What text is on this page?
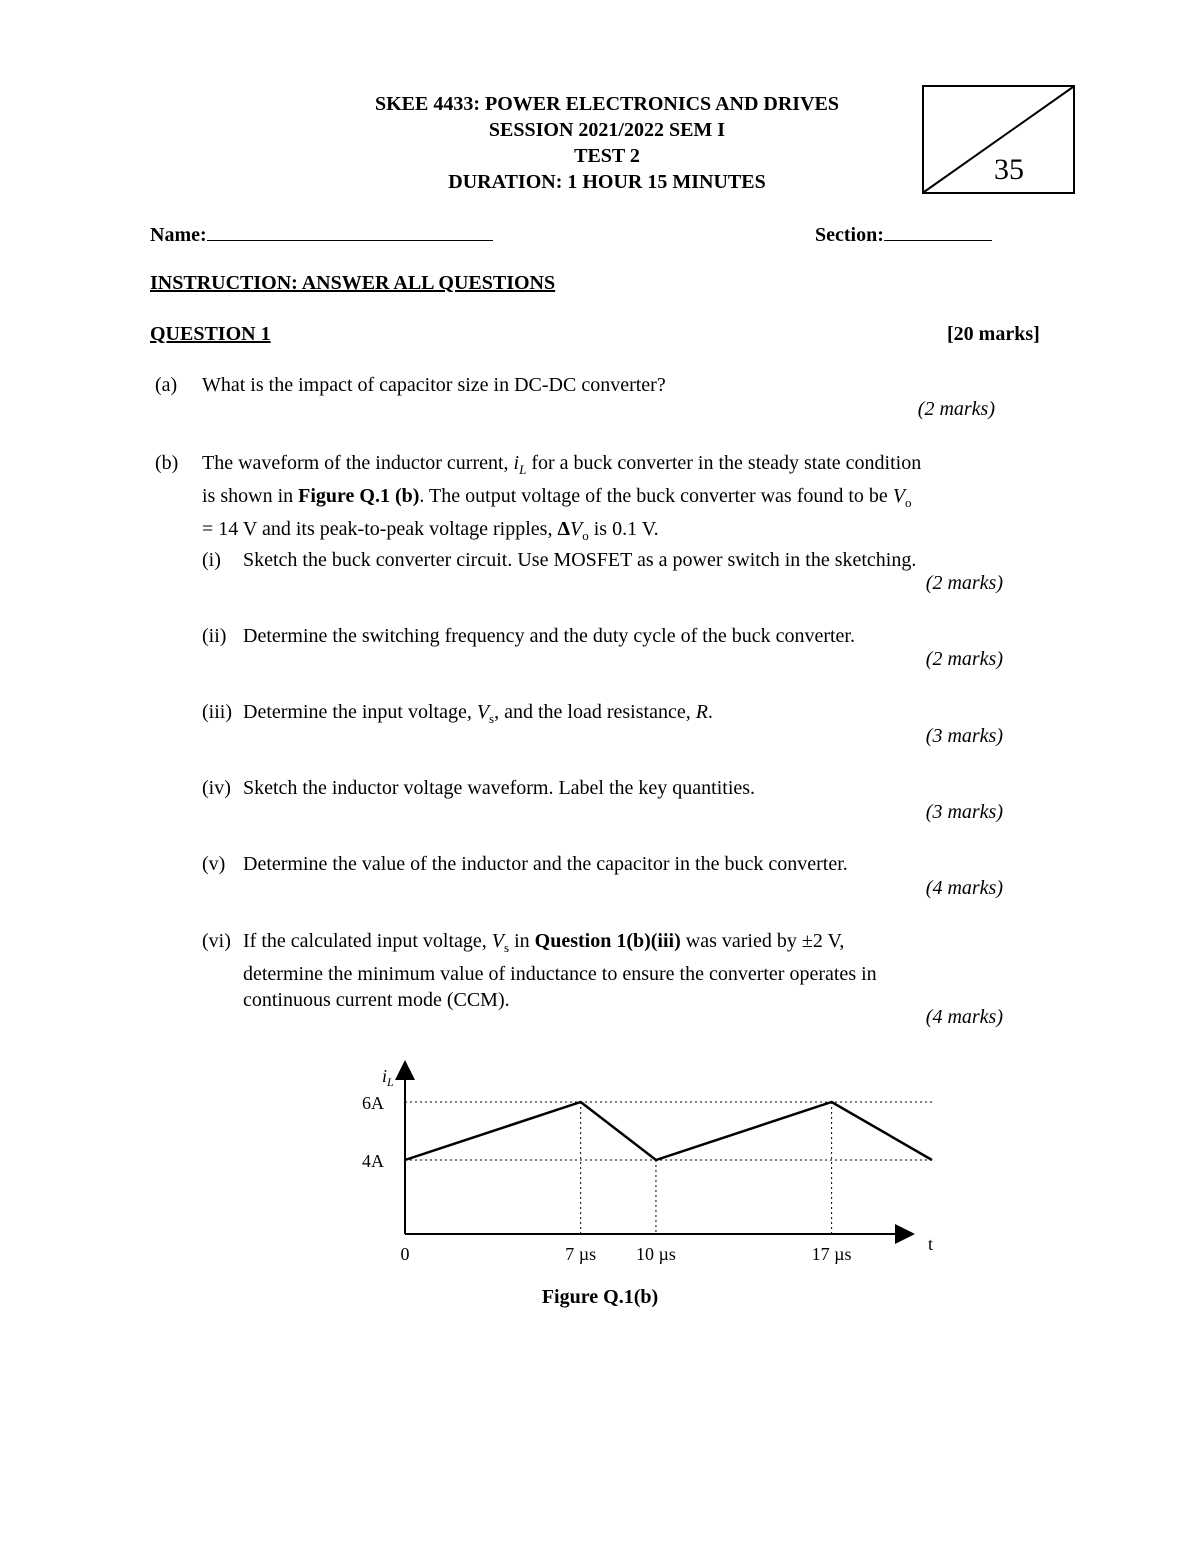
SKEE 4433: POWER ELECTRONICS AND DRIVES
SESSION 2021/2022 SEM I
TEST 2
DURATION: 1 HOUR 15 MINUTES	35
Name:	Section:
INSTRUCTION: ANSWER ALL QUESTIONS
QUESTION 1	[20 marks]
(a) What is the impact of capacitor size in DC-DC converter?
(2 marks)
(b) The waveform of the inductor current, $i_L$ for a buck converter in the steady state condition
is shown in Figure Q.1 (b). The output voltage of the buck converter was found to be $V_o$
= 14 V and its peak-to-peak voltage ripples, $\Delta V_o$ is 0.1 V.
(i) Sketch the buck converter circuit. Use MOSFET as a power switch in the sketching.
(2 marks)
(ii) Determine the switching frequency and the duty cycle of the buck converter.
(2 marks)
(iii) Determine the input voltage, $V_s$, and the load resistance, R.
(3 marks)
(iv) Sketch the inductor voltage waveform. Label the key quantities.
(3 marks)
(v) Determine the value of the inductor and the capacitor in the buck converter.
(4 marks)
(vi) If the calculated input voltage, $V_s$ in Question 1(b)(iii) was varied by ±2 V,
determine the minimum value of inductance to ensure the converter operates in
continuous current mode (CCM).
(4 marks)
$i_L$
t
6A
4A
0	7 µs 10 µs	17 µs
Figure Q.1(b)
